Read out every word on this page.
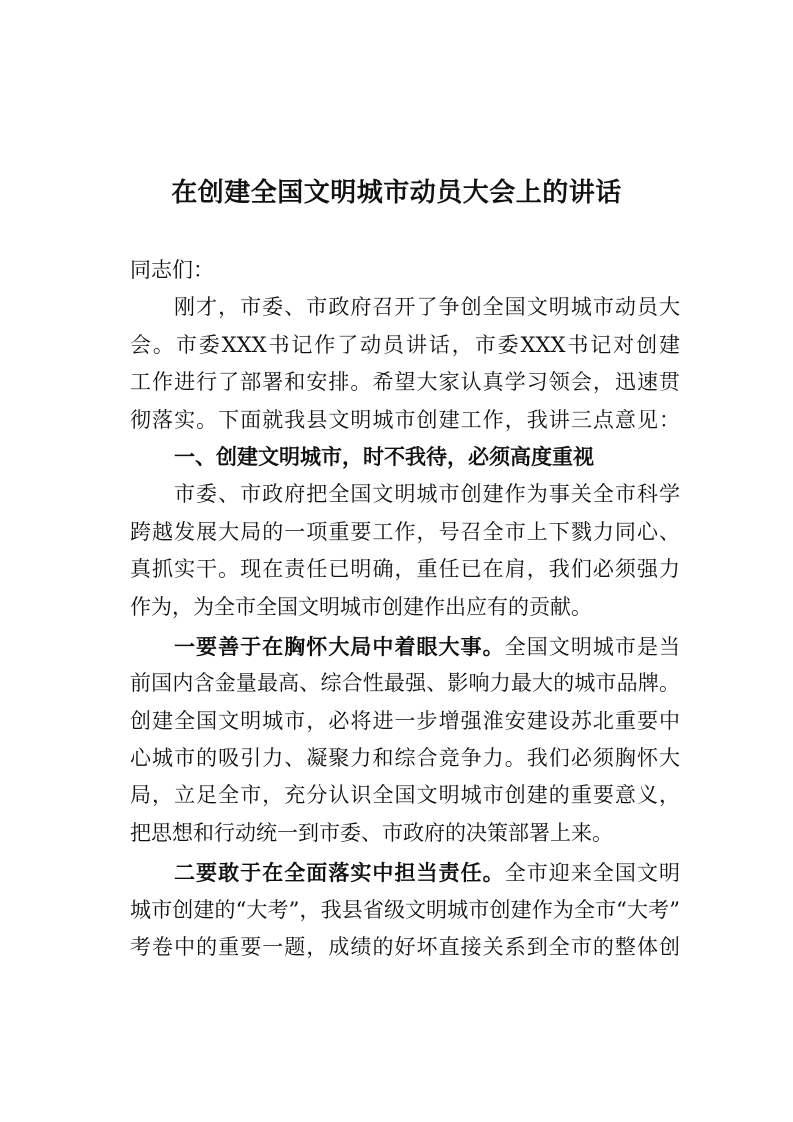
在创建全国文明城市动员大会上的讲话
同志们：
刚才，市委、市政府召开了争创全国文明城市动员大
会。市委XXX书记作了动员讲话，市委XXX书记对创建
工作进行了部署和安排。希望大家认真学习领会，迅速贯
彻落实。下面就我县文明城市创建工作，我讲三点意见：
一、创建文明城市，时不我待，必须高度重视
市委、市政府把全国文明城市创建作为事关全市科学
跨越发展大局的一项重要工作，号召全市上下戮力同心、
真抓实干。现在责任已明确，重任已在肩，我们必须强力
作为，为全市全国文明城市创建作出应有的贡献。
一要善于在胸怀大局中着眼大事。全国文明城市是当
前国内含金量最高、综合性最强、影响力最大的城市品牌。
创建全国文明城市，必将进一步增强淮安建设苏北重要中
心城市的吸引力、凝聚力和综合竞争力。我们必须胸怀大
局，立足全市，充分认识全国文明城市创建的重要意义，
把思想和行动统一到市委、市政府的决策部署上来。
二要敢于在全面落实中担当责任。全市迎来全国文明
城市创建的“大考”，我县省级文明城市创建作为全市“大考”
考卷中的重要一题，成绩的好坏直接关系到全市的整体创
